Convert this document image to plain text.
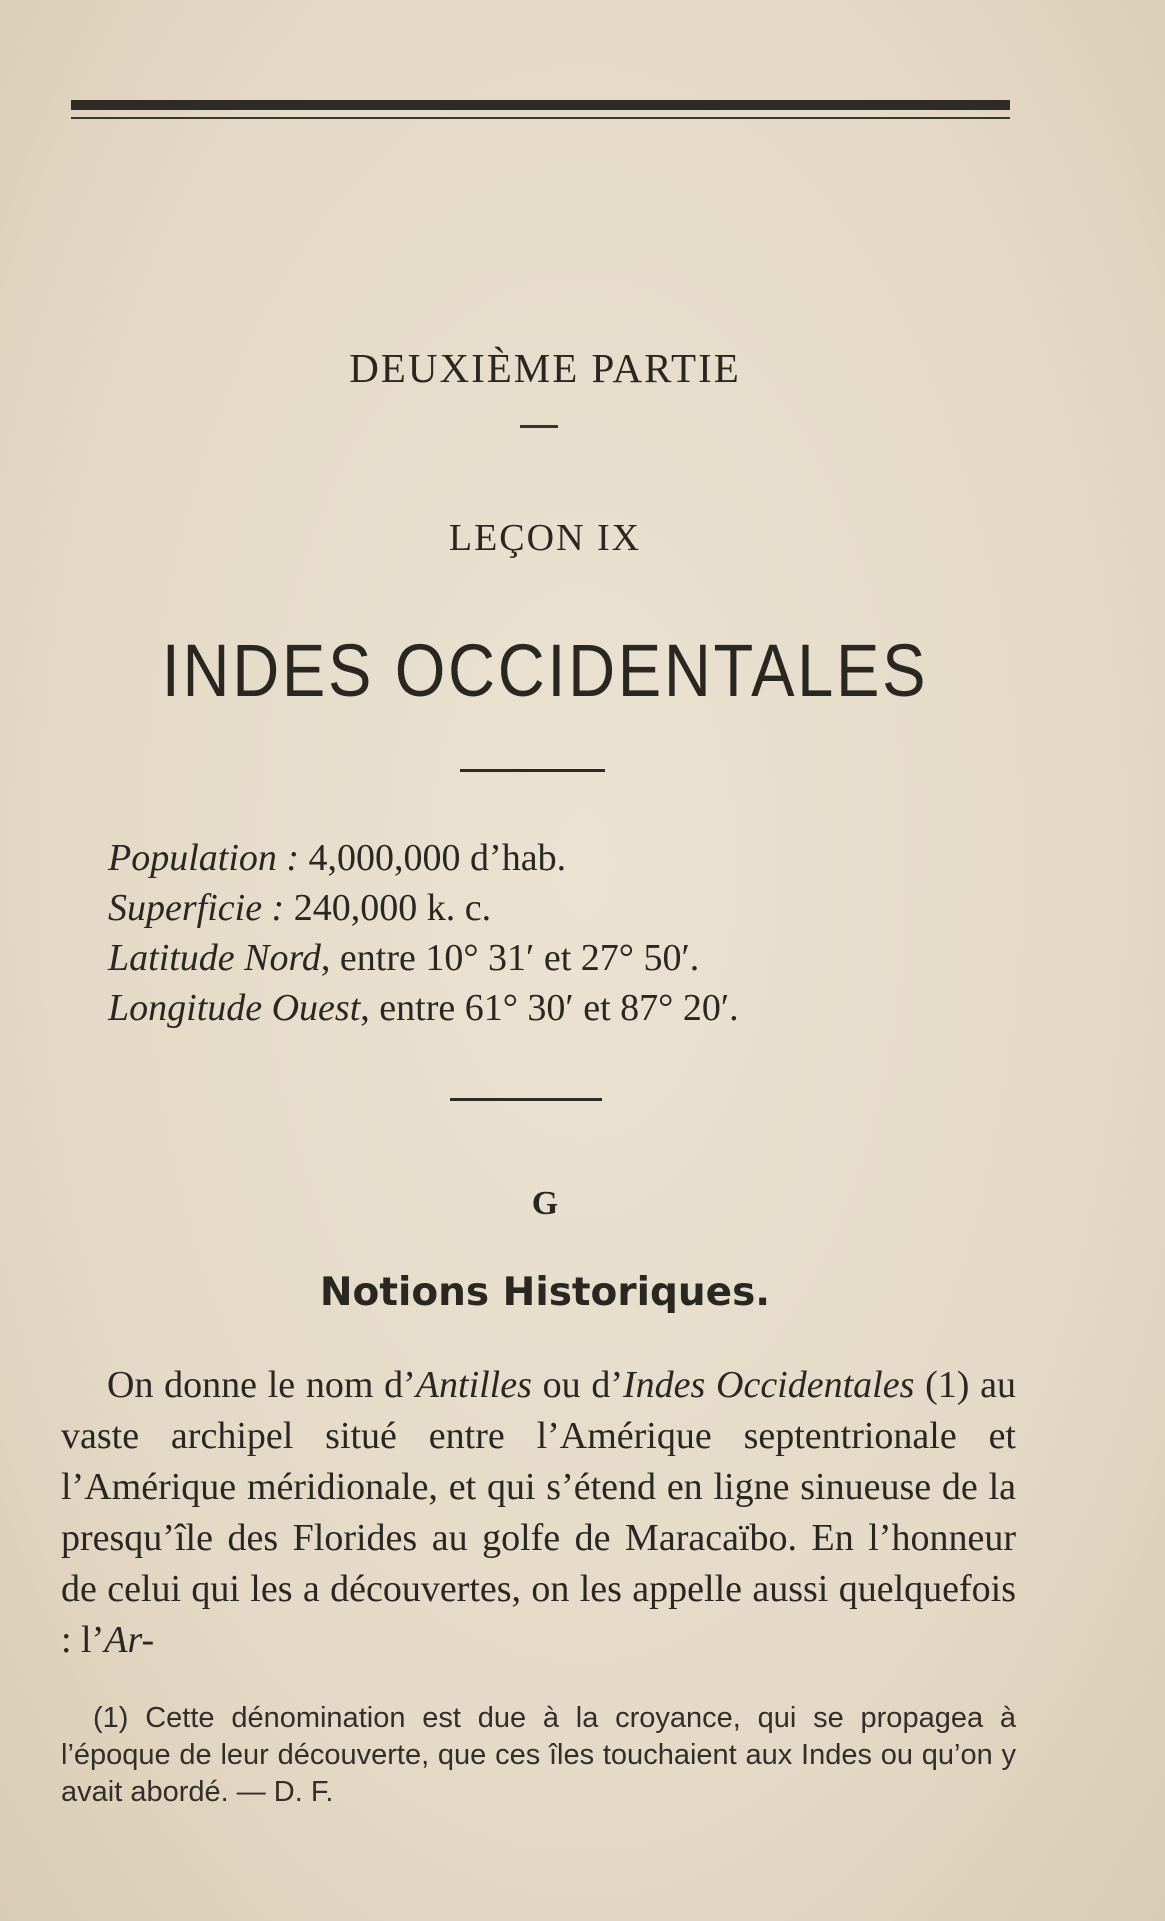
DEUXIÈME PARTIE
LEÇON IX
INDES OCCIDENTALES
Population : 4,000,000 d’hab.
Superficie : 240,000 k. c.
Latitude Nord, entre 10° 31′ et 27° 50′.
Longitude Ouest, entre 61° 30′ et 87° 20′.
G
Notions Historiques.

On donne le nom d’Antilles ou d’Indes Occidentales (1) au vaste archipel situé entre l’Amérique septentrionale et l’Amérique méridionale, et qui s’étend en ligne sinueuse de la presqu’île des Florides au golfe de Maracaïbo. En l’honneur de celui qui les a découvertes, on les appelle aussi quelquefois : l’Ar-

(1) Cette dénomination est due à la croyance, qui se propagea à l’époque de leur découverte, que ces îles touchaient aux Indes ou qu’on y avait abordé. — D. F.
